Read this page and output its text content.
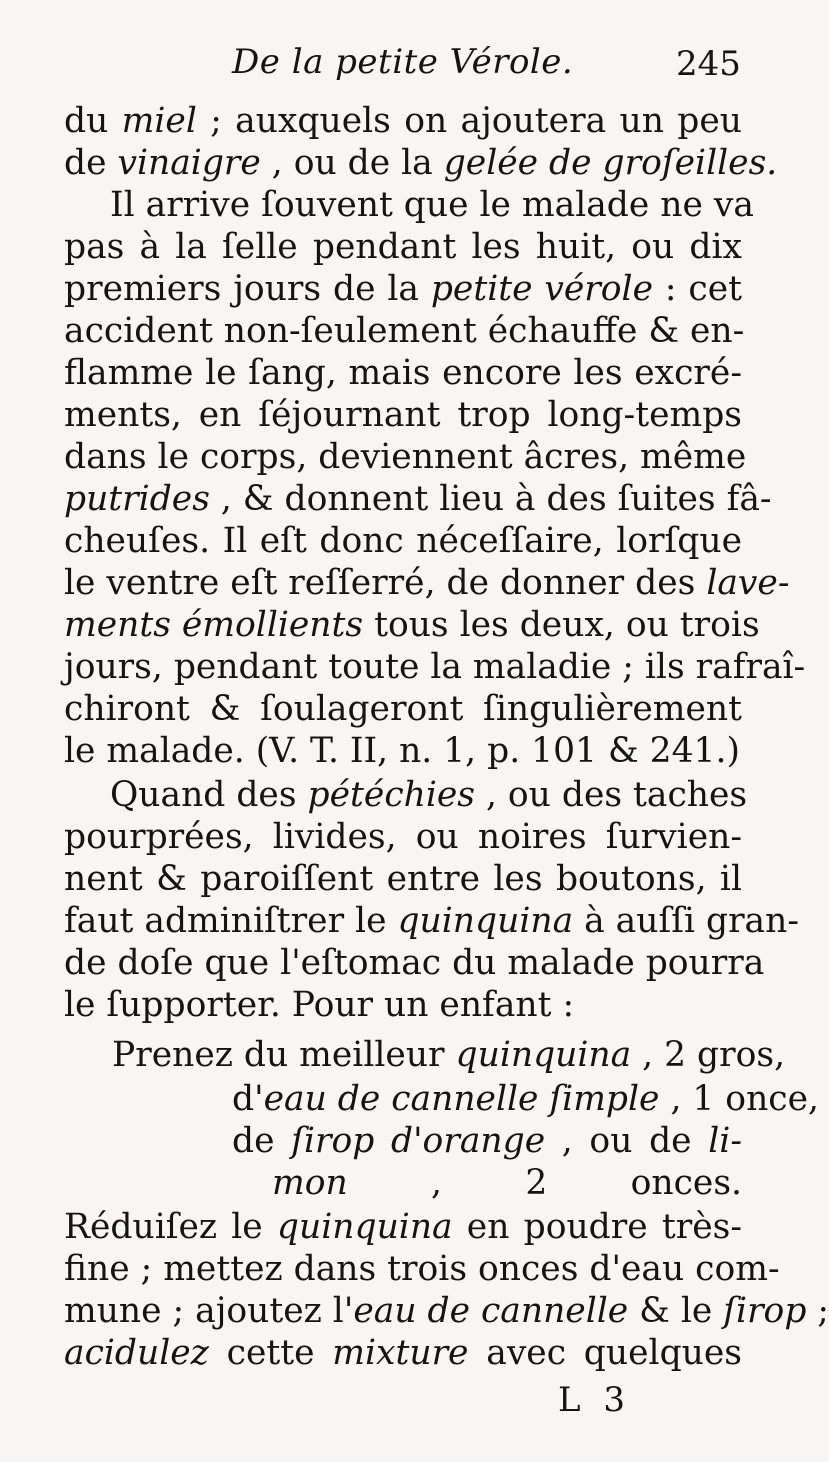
De la petite Vérole.	245
du miel ; auxquels on ajoutera un peu
de vinaigre , ou de la gelée de groſeilles.
Il arrive ſouvent que le malade ne va
pas à la ſelle pendant les huit, ou dix
premiers jours de la petite vérole : cet
accident non-ſeulement échauffe & en-
flamme le ſang, mais encore les excré-
ments, en ſéjournant trop long-temps
dans le corps, deviennent âcres, même
putrides , & donnent lieu à des ſuites fâ-
cheuſes. Il eſt donc néceſſaire, lorſque
le ventre eſt reſſerré, de donner des lave-
ments émollients tous les deux, ou trois
jours, pendant toute la maladie ; ils rafraî-
chiront & ſoulageront ſingulièrement
le malade. (V. T. II, n. 1, p. 101 & 241.)
Quand des pétéchies , ou des taches
pourprées, livides, ou noires ſurvien-
nent & paroiſſent entre les boutons, il
faut adminiſtrer le quinquina à auſſi gran-
de doſe que l'eſtomac du malade pourra
le ſupporter. Pour un enfant :
Prenez du meilleur quinquina , 2 gros,
d'eau de cannelle ſimple , 1 once,
de ſirop d'orange , ou de li-
mon , 2 onces.
Réduiſez le quinquina en poudre très-
fine ; mettez dans trois onces d'eau com-
mune ; ajoutez l'eau de cannelle & le ſirop ;
acidulez cette mixture avec quelques
L 3
